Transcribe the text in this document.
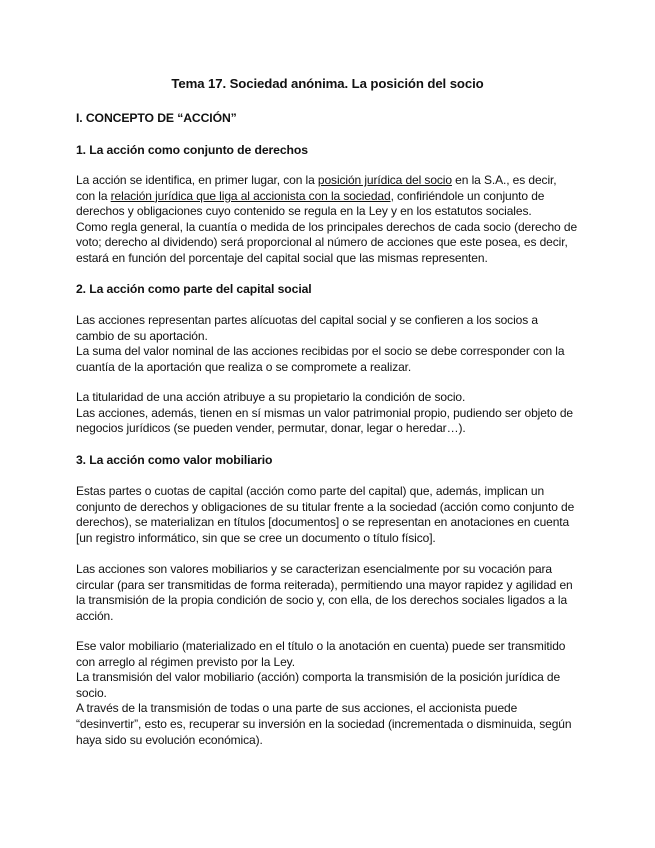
Tema 17. Sociedad anónima. La posición del socio
I. CONCEPTO DE “ACCIÓN”
1. La acción como conjunto de derechos
La acción se identifica, en primer lugar, con la posición jurídica del socio en la S.A., es decir,
con la relación jurídica que liga al accionista con la sociedad, confiriéndole un conjunto de
derechos y obligaciones cuyo contenido se regula en la Ley y en los estatutos sociales.
Como regla general, la cuantía o medida de los principales derechos de cada socio (derecho de
voto; derecho al dividendo) será proporcional al número de acciones que este posea, es decir,
estará en función del porcentaje del capital social que las mismas representen.
2. La acción como parte del capital social
Las acciones representan partes alícuotas del capital social y se confieren a los socios a
cambio de su aportación.
La suma del valor nominal de las acciones recibidas por el socio se debe corresponder con la
cuantía de la aportación que realiza o se compromete a realizar.
La titularidad de una acción atribuye a su propietario la condición de socio.
Las acciones, además, tienen en sí mismas un valor patrimonial propio, pudiendo ser objeto de
negocios jurídicos (se pueden vender, permutar, donar, legar o heredar…).
3. La acción como valor mobiliario
Estas partes o cuotas de capital (acción como parte del capital) que, además, implican un
conjunto de derechos y obligaciones de su titular frente a la sociedad (acción como conjunto de
derechos), se materializan en títulos [documentos] o se representan en anotaciones en cuenta
[un registro informático, sin que se cree un documento o título físico].
Las acciones son valores mobiliarios y se caracterizan esencialmente por su vocación para
circular (para ser transmitidas de forma reiterada), permitiendo una mayor rapidez y agilidad en
la transmisión de la propia condición de socio y, con ella, de los derechos sociales ligados a la
acción.
Ese valor mobiliario (materializado en el título o la anotación en cuenta) puede ser transmitido
con arreglo al régimen previsto por la Ley.
La transmisión del valor mobiliario (acción) comporta la transmisión de la posición jurídica de
socio.
A través de la transmisión de todas o una parte de sus acciones, el accionista puede
“desinvertir”, esto es, recuperar su inversión en la sociedad (incrementada o disminuida, según
haya sido su evolución económica).
